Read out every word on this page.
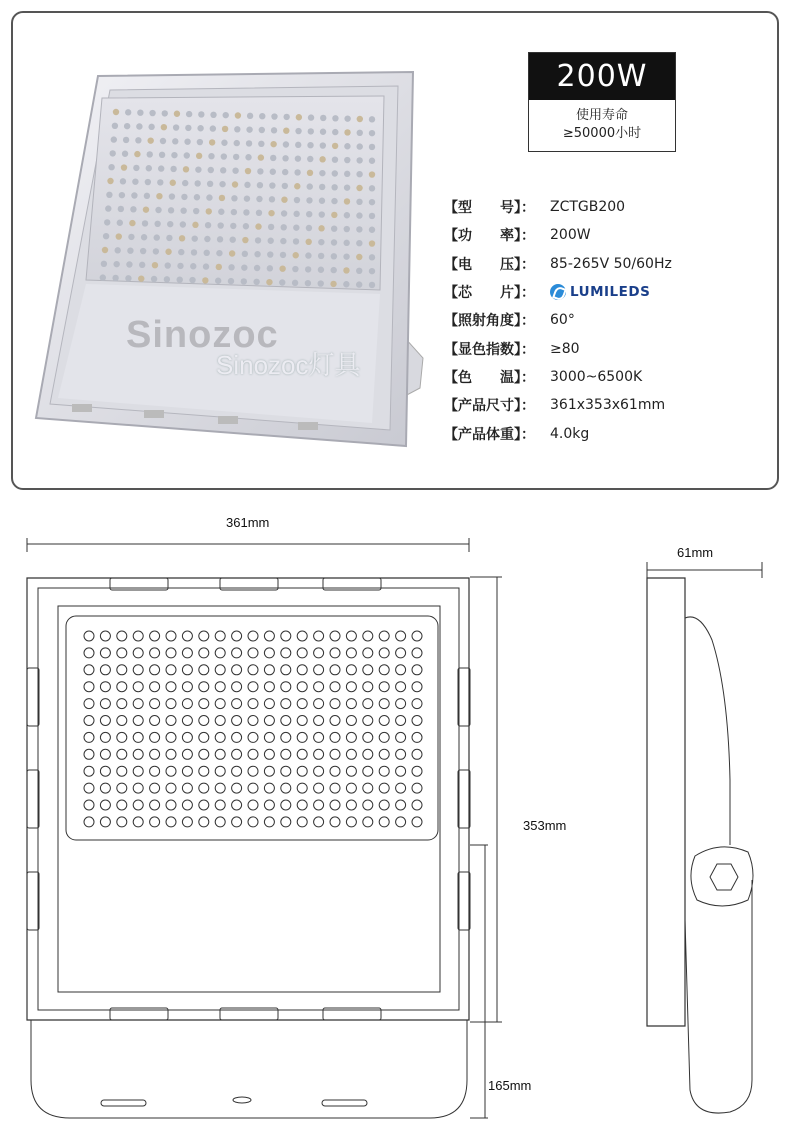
200W
使用寿命
≥50000小时
【型　　号】：	ZCTGB200
【功　　率】：	200W
【电　　压】：	85-265V 50/60Hz
【芯　　片】：	LUMILEDS
【照射角度】：	60°
【显色指数】：	≥80
【色　　温】：	3000~6500K
【产品尺寸】：	361x353x61mm
【产品体重】：	4.0kg
Sinozoc
Sinozoc灯具
361mm
353mm
61mm
165mm
